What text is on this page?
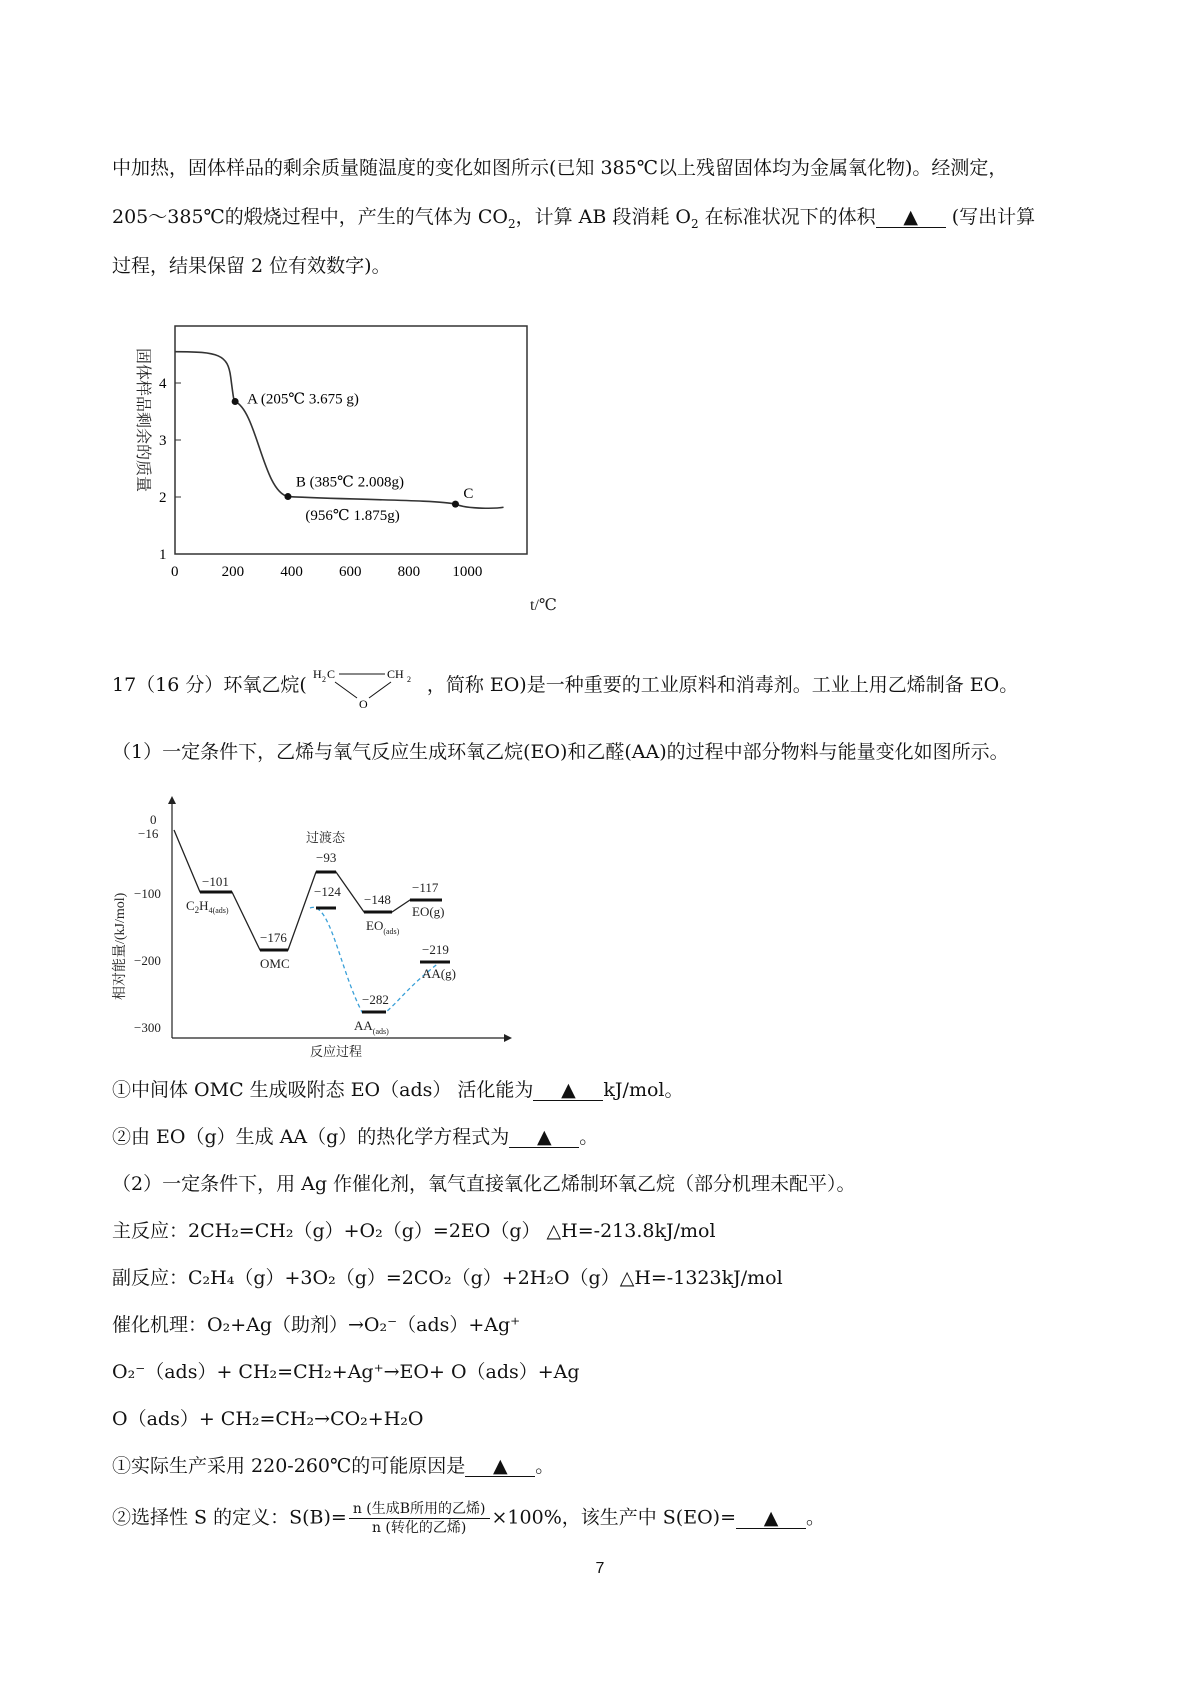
中加热，固体样品的剩余质量随温度的变化如图所示(已知 385℃以上残留固体均为金属氧化物)。经测定，
205～385℃的煅烧过程中，产生的气体为 $CO_2$，计算 AB 段消耗 $O_2$ 在标准状况下的体积 ▲ (写出计算
过程，结果保留 2 位有效数字)。
固体样品剩余的质量
1
2
3
4
0	200 400 600 800 1000
A (205℃ 3.675 g)
B (385℃ 2.008g)
(956℃ 1.875g)
C
t/℃
17（16 分）环氧乙烷( H 2 C	CH 2
O
，简称 EO)是一种重要的工业原料和消毒剂。工业上用乙烯制备 EO。
（1）一定条件下，乙烯与氧气反应生成环氧乙烷(EO)和乙醛(AA)的过程中部分物料与能量变化如图所示。
相对能量/(kJ/mol)
0
−16
−100
−200
−300
过渡态
−101
$C_2H_{4(ads)}$
−176
OMC
−93
−124
−148
$EO_{(ads)}$
−117
EO(g)
−282
$AA_{(ads)}$
−219
AA(g)
反应过程
①中间体 OMC 生成吸附态 EO（ads） 活化能为 ▲ kJ/mol。
②由 EO（g）生成 AA（g）的热化学方程式为 ▲ 。
（2）一定条件下，用 Ag 作催化剂，氧气直接氧化乙烯制环氧乙烷（部分机理未配平）。
主反应：2CH₂=CH₂（g）+O₂（g）=2EO（g） △H=-213.8kJ/mol
副反应：C₂H₄（g）+3O₂（g）=2CO₂（g）+2H₂O（g）△H=-1323kJ/mol
催化机理：O₂+Ag（助剂）→O₂⁻（ads）+Ag⁺
O₂⁻（ads）+ CH₂=CH₂+Ag⁺→EO+ O（ads）+Ag
O（ads）+ CH₂=CH₂→CO₂+H₂O
①实际生产采用 220-260℃的可能原因是 ▲ 。
②选择性 S 的定义：$S(B)= \frac{\text{n (生成B所用的乙烯)}}{\text{n (转化的乙烯)}} \times 100\%$，该生产中 S(EO)= ▲ 。
7
